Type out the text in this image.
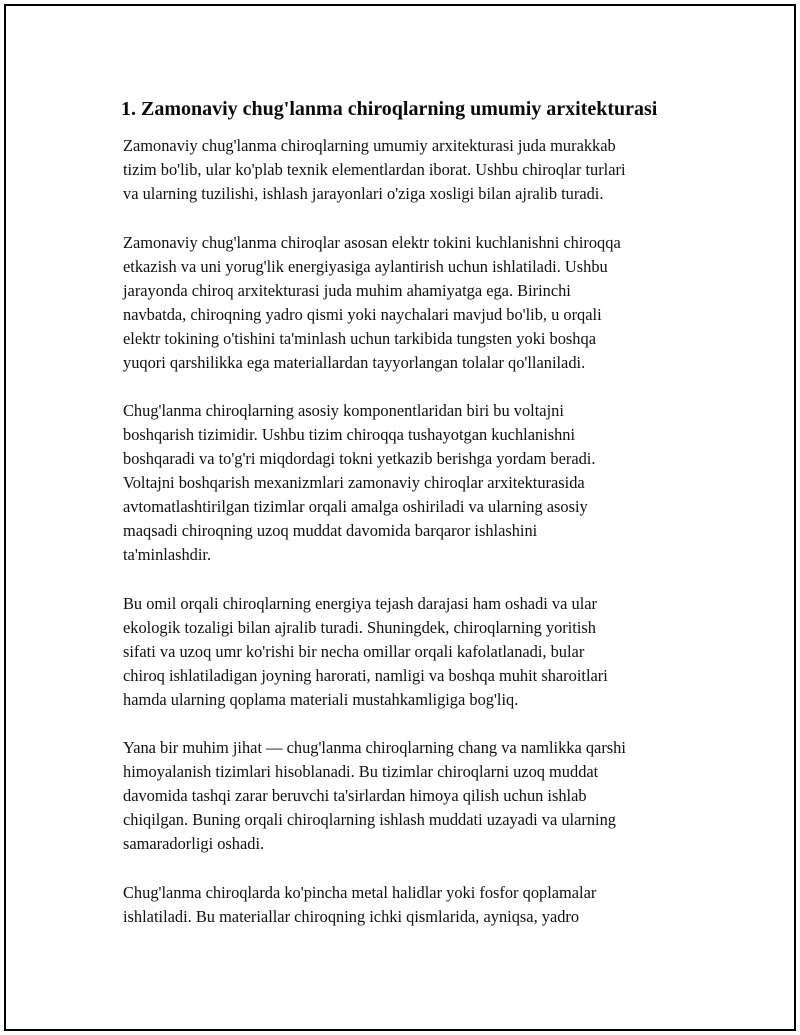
1. Zamonaviy chug'lanma chiroqlarning umumiy arxitekturasi

Zamonaviy chug'lanma chiroqlarning umumiy arxitekturasi juda murakkab
tizim bo'lib, ular ko'plab texnik elementlardan iborat. Ushbu chiroqlar turlari
va ularning tuzilishi, ishlash jarayonlari o'ziga xosligi bilan ajralib turadi.

Zamonaviy chug'lanma chiroqlar asosan elektr tokini kuchlanishni chiroqqa
etkazish va uni yorug'lik energiyasiga aylantirish uchun ishlatiladi. Ushbu
jarayonda chiroq arxitekturasi juda muhim ahamiyatga ega. Birinchi
navbatda, chiroqning yadro qismi yoki naychalari mavjud bo'lib, u orqali
elektr tokining o'tishini ta'minlash uchun tarkibida tungsten yoki boshqa
yuqori qarshilikka ega materiallardan tayyorlangan tolalar qo'llaniladi.

Chug'lanma chiroqlarning asosiy komponentlaridan biri bu voltajni
boshqarish tizimidir. Ushbu tizim chiroqqa tushayotgan kuchlanishni
boshqaradi va to'g'ri miqdordagi tokni yetkazib berishga yordam beradi.
Voltajni boshqarish mexanizmlari zamonaviy chiroqlar arxitekturasida
avtomatlashtirilgan tizimlar orqali amalga oshiriladi va ularning asosiy
maqsadi chiroqning uzoq muddat davomida barqaror ishlashini
ta'minlashdir.

Bu omil orqali chiroqlarning energiya tejash darajasi ham oshadi va ular
ekologik tozaligi bilan ajralib turadi. Shuningdek, chiroqlarning yoritish
sifati va uzoq umr ko'rishi bir necha omillar orqali kafolatlanadi, bular
chiroq ishlatiladigan joyning harorati, namligi va boshqa muhit sharoitlari
hamda ularning qoplama materiali mustahkamligiga bog'liq.

Yana bir muhim jihat — chug'lanma chiroqlarning chang va namlikka qarshi
himoyalanish tizimlari hisoblanadi. Bu tizimlar chiroqlarni uzoq muddat
davomida tashqi zarar beruvchi ta'sirlardan himoya qilish uchun ishlab
chiqilgan. Buning orqali chiroqlarning ishlash muddati uzayadi va ularning
samaradorligi oshadi.

Chug'lanma chiroqlarda ko'pincha metal halidlar yoki fosfor qoplamalar
ishlatiladi. Bu materiallar chiroqning ichki qismlarida, ayniqsa, yadro
